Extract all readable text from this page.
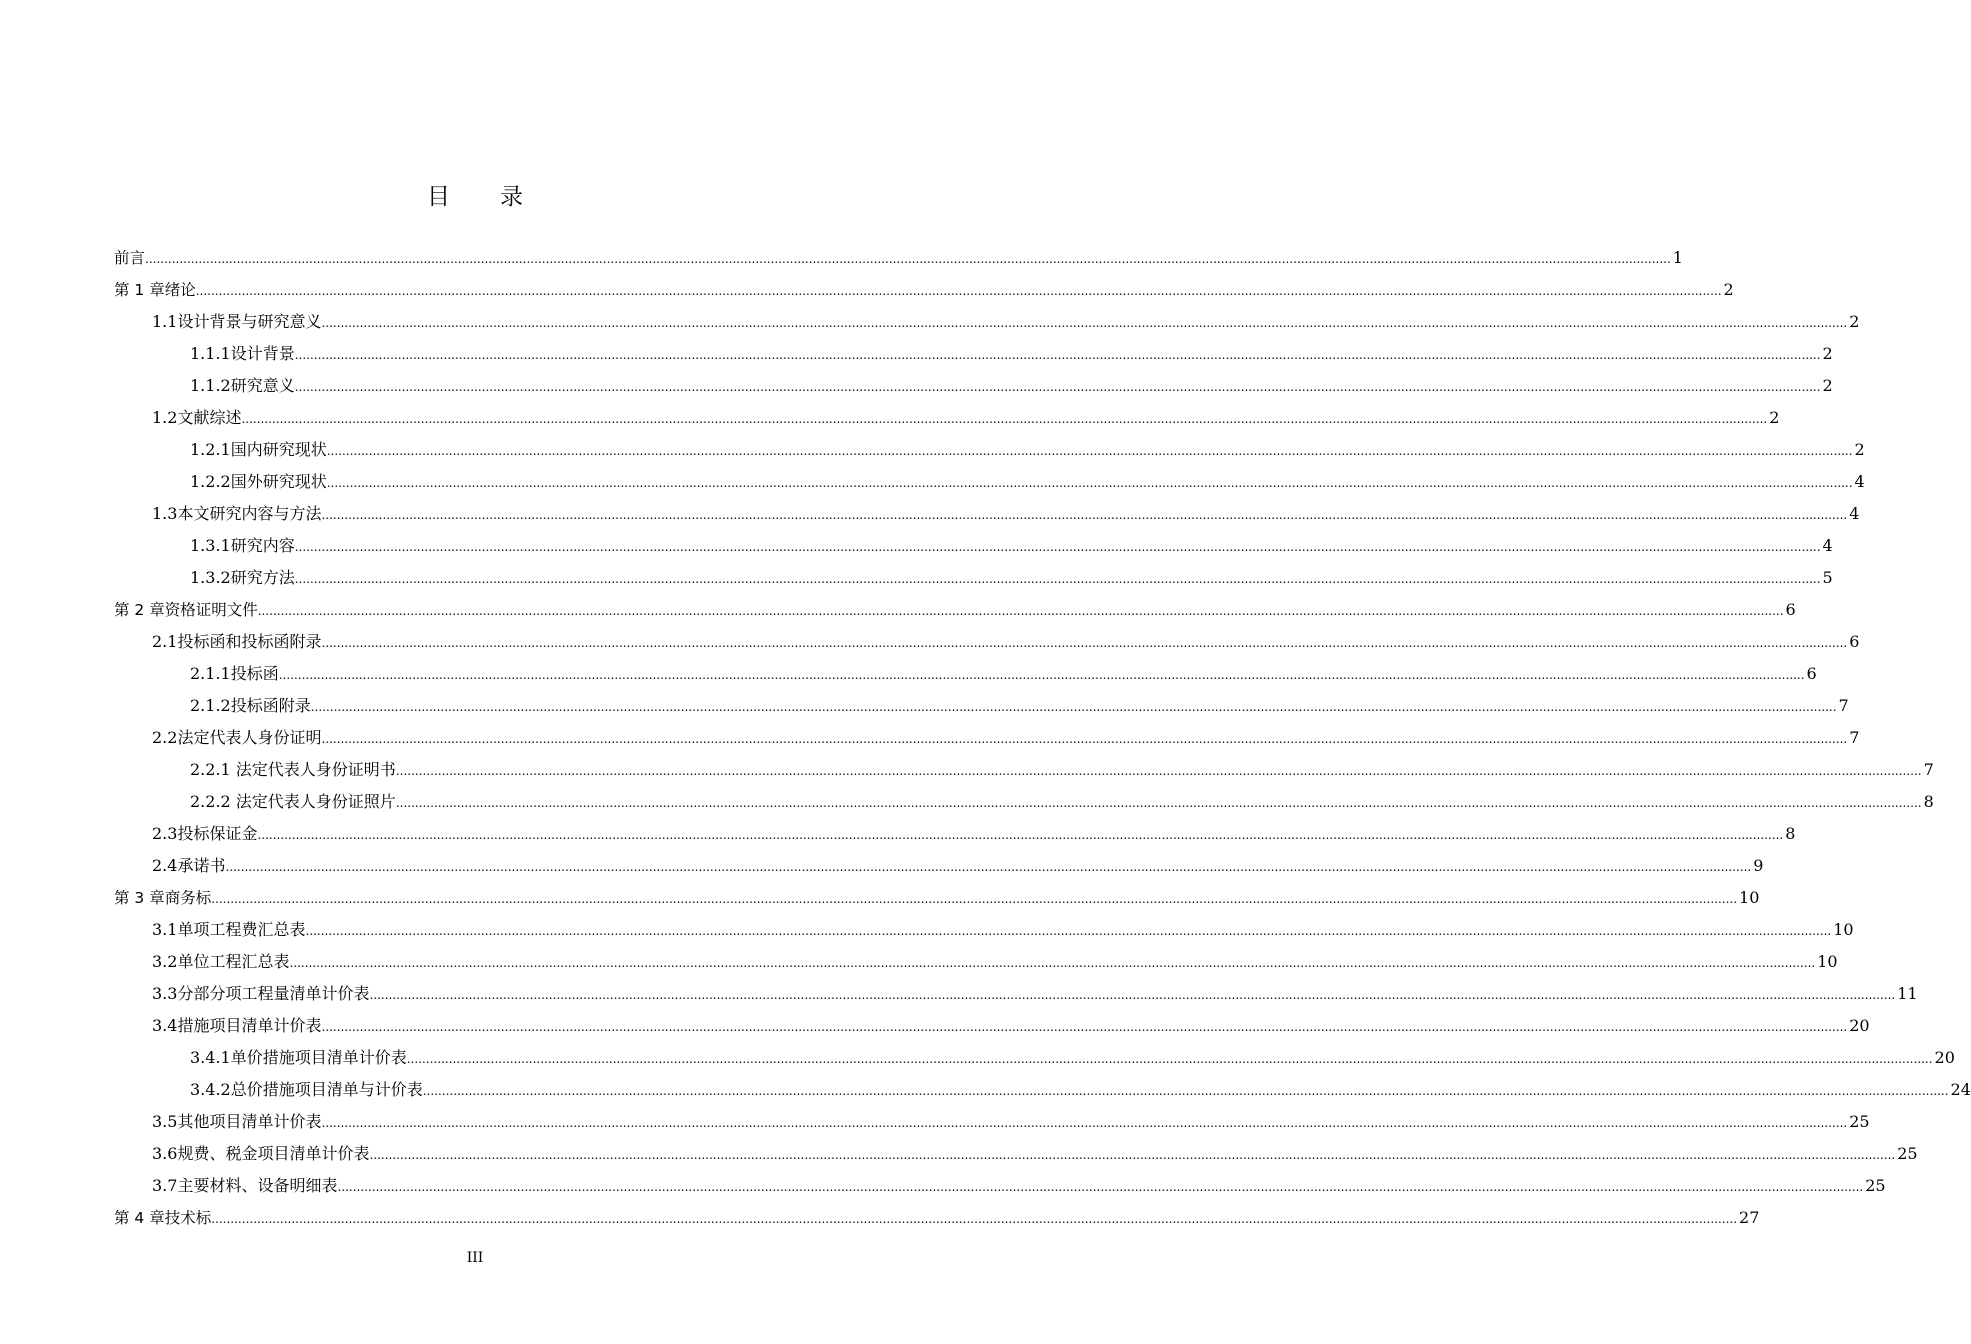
目录
前言 ................................................................................................................................................................................................................................................................................................................................................................................................................ 1
第 1 章 绪论 ................................................................................................................................................................................................................................................................................................................................................................................................................ 2
1.1 设计背景与研究意义 ................................................................................................................................................................................................................................................................................................................................................................................................................ 2
1.1.1 设计背景 ................................................................................................................................................................................................................................................................................................................................................................................................................ 2
1.1.2 研究意义 ................................................................................................................................................................................................................................................................................................................................................................................................................ 2
1.2 文献综述 ................................................................................................................................................................................................................................................................................................................................................................................................................ 2
1.2.1 国内研究现状 ................................................................................................................................................................................................................................................................................................................................................................................................................ 2
1.2.2 国外研究现状 ................................................................................................................................................................................................................................................................................................................................................................................................................ 4
1.3 本文研究内容与方法 ................................................................................................................................................................................................................................................................................................................................................................................................................ 4
1.3.1 研究内容 ................................................................................................................................................................................................................................................................................................................................................................................................................ 4
1.3.2 研究方法 ................................................................................................................................................................................................................................................................................................................................................................................................................ 5
第 2 章 资格证明文件 ................................................................................................................................................................................................................................................................................................................................................................................................................ 6
2.1 投标函和投标函附录 ................................................................................................................................................................................................................................................................................................................................................................................................................ 6
2.1.1 投标函 ................................................................................................................................................................................................................................................................................................................................................................................................................ 6
2.1.2 投标函附录 ................................................................................................................................................................................................................................................................................................................................................................................................................ 7
2.2 法定代表人身份证明 ................................................................................................................................................................................................................................................................................................................................................................................................................ 7
2.2.1 法定代表人身份证明书 ................................................................................................................................................................................................................................................................................................................................................................................................................ 7
2.2.2 法定代表人身份证照片 ................................................................................................................................................................................................................................................................................................................................................................................................................ 8
2.3 投标保证金 ................................................................................................................................................................................................................................................................................................................................................................................................................ 8
2.4 承诺书 ................................................................................................................................................................................................................................................................................................................................................................................................................ 9
第 3 章 商务标 ................................................................................................................................................................................................................................................................................................................................................................................................................ 10
3.1 单项工程费汇总表 ................................................................................................................................................................................................................................................................................................................................................................................................................ 10
3.2 单位工程汇总表 ................................................................................................................................................................................................................................................................................................................................................................................................................ 10
3.3 分部分项工程量清单计价表 ................................................................................................................................................................................................................................................................................................................................................................................................................ 11
3.4 措施项目清单计价表 ................................................................................................................................................................................................................................................................................................................................................................................................................ 20
3.4.1 单价措施项目清单计价表 ................................................................................................................................................................................................................................................................................................................................................................................................................ 20
3.4.2 总价措施项目清单与计价表 ................................................................................................................................................................................................................................................................................................................................................................................................................ 24
3.5 其他项目清单计价表 ................................................................................................................................................................................................................................................................................................................................................................................................................ 25
3.6 规费、税金项目清单计价表 ................................................................................................................................................................................................................................................................................................................................................................................................................ 25
3.7 主要材料、设备明细表 ................................................................................................................................................................................................................................................................................................................................................................................................................ 25
第 4 章 技术标 ................................................................................................................................................................................................................................................................................................................................................................................................................ 27
III
